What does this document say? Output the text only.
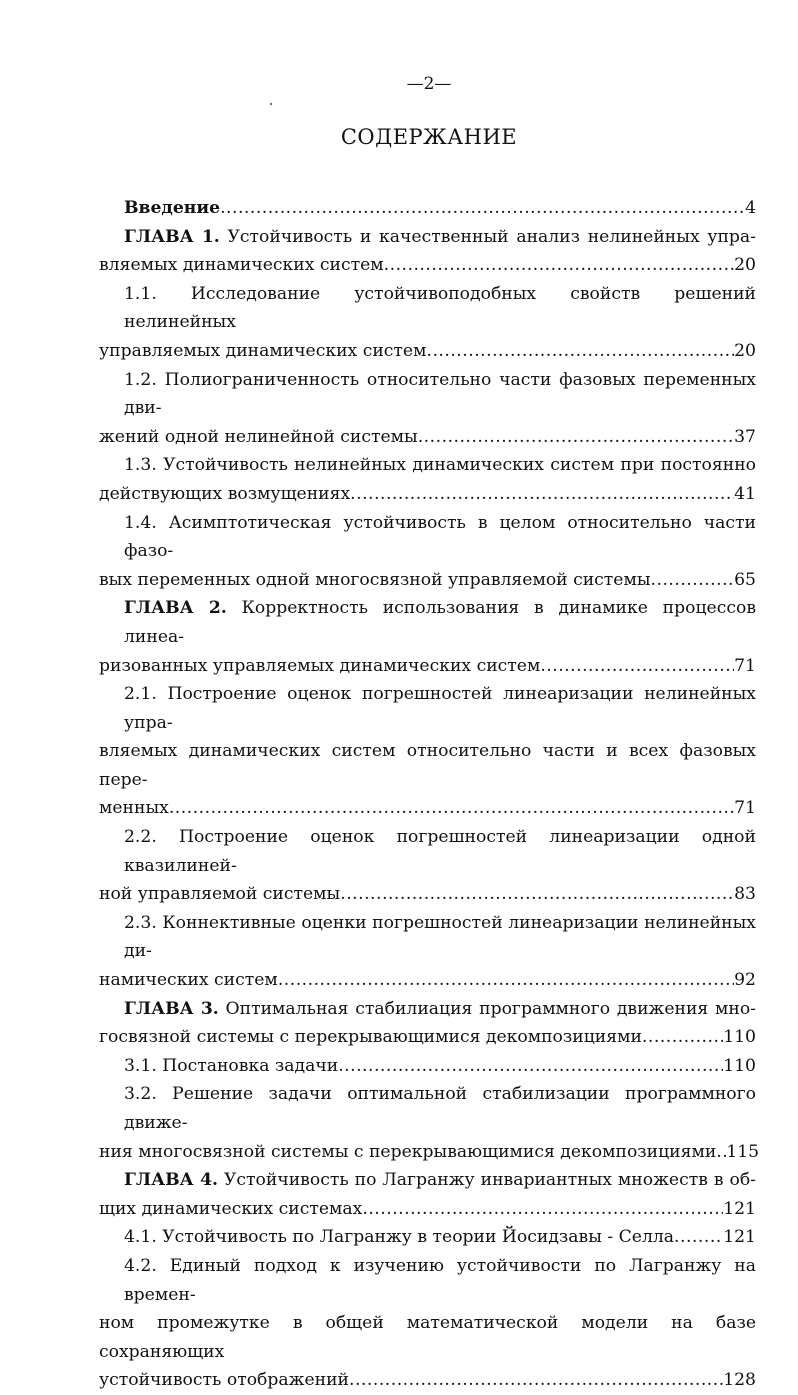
—2—
СОДЕРЖАНИЕ
Введение .....	4
ГЛАВА 1. Устойчивость и качественный анализ нелинейных упра-
вляемых динамических систем .....	20
1.1. Исследование устойчивоподобных свойств решений нелинейных
управляемых динамических систем .....	20
1.2. Полиограниченность относительно части фазовых переменных дви-
жений одной нелинейной системы .....	37
1.3. Устойчивость нелинейных динамических систем при постоянно
действующих возмущениях .....	41
1.4. Асимптотическая устойчивость в целом относительно части фазо-
вых переменных одной многосвязной управляемой системы .....	65
ГЛАВА 2. Корректность использования в динамике процессов линеа-
ризованных управляемых динамических систем .....	71
2.1. Построение оценок погрешностей линеаризации нелинейных упра-
вляемых динамических систем относительно части и всех фазовых пере-
менных .....	71
2.2. Построение оценок погрешностей линеаризации одной квазилиней-
ной управляемой системы .....	83
2.3. Коннективные оценки погрешностей линеаризации нелинейных ди-
намических систем .....	92
ГЛАВА 3. Оптимальная стабилиация программного движения мно-
госвязной системы с перекрывающимися декомпозициями .....	110
3.1. Постановка задачи .....	110
3.2. Решение задачи оптимальной стабилизации программного движе-
ния многосвязной системы с перекрывающимися декомпозициями ..... 115
ГЛАВА 4. Устойчивость по Лагранжу инвариантных множеств в об-
щих динамических системах .....	121
4.1. Устойчивость по Лагранжу в теории Йосидзавы - Селла .....	121
4.2. Единый подход к изучению устойчивости по Лагранжу на времен-
ном промежутке в общей математической модели на базе сохраняющих
устойчивость отображений .....	128
